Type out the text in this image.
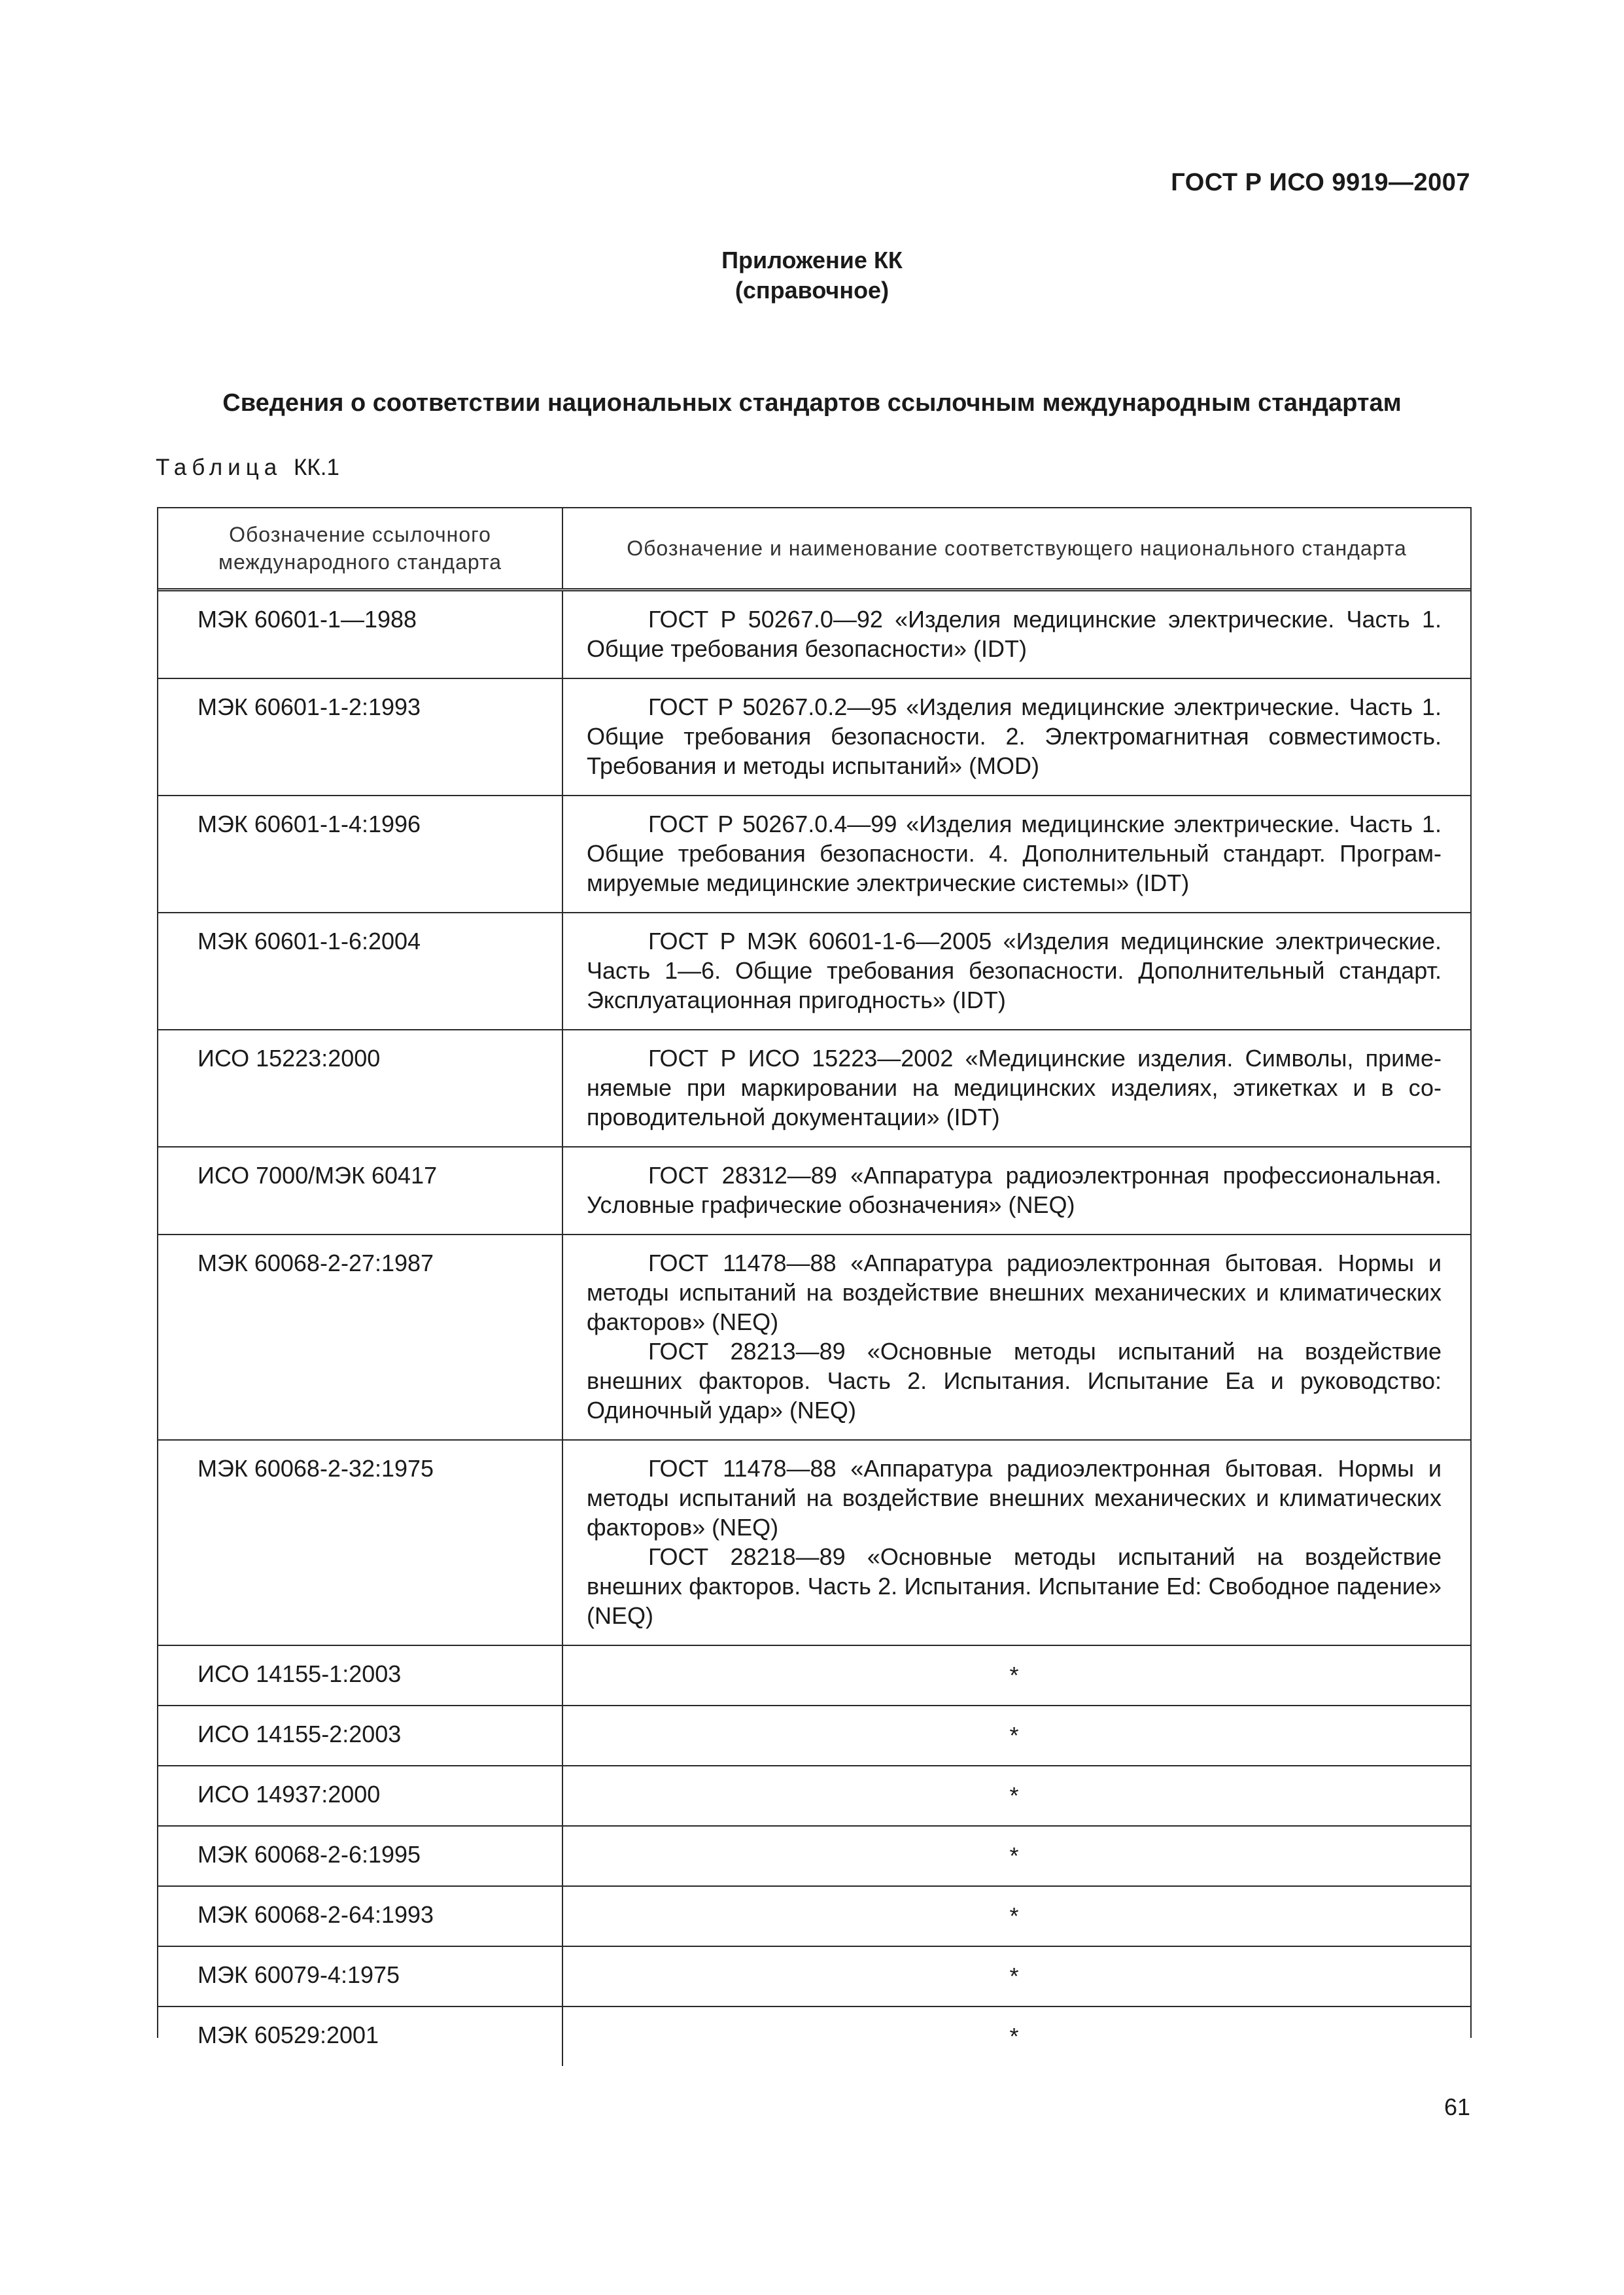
ГОСТ Р ИСО 9919—2007
Приложение КК
(справочное)
Сведения о соответствии национальных стандартов ссылочным международным стандартам
Таблица КК.1
Обозначение ссылочного международного стандарта	Обозначение и наименование соответствующего национального стандарта
МЭК 60601-1—1988	ГОСТ Р 50267.0—92 «Изделия медицинские электрические. Часть 1. Общие требования безопасности» (IDT)

МЭК 60601-1-2:1993	ГОСТ Р 50267.0.2—95 «Изделия медицинские электрические. Часть 1. Общие требования безопасности. 2. Электромагнитная совместимость. Требования и методы испытаний» (MOD)

МЭК 60601-1-4:1996	ГОСТ Р 50267.0.4—99 «Изделия медицинские электрические. Часть 1. Общие требования безопасности. 4. Дополнительный стандарт. Программируемые медицинские электрические системы» (IDT)

МЭК 60601-1-6:2004	ГОСТ Р МЭК 60601-1-6—2005 «Изделия медицинские электрические. Часть 1—6. Общие требования безопасности. Дополнительный стандарт. Эксплуатационная пригодность» (IDT)

ИСО 15223:2000	ГОСТ Р ИСО 15223—2002 «Медицинские изделия. Символы, применяемые при маркировании на медицинских изделиях, этикетках и в сопроводительной документации» (IDT)

ИСО 7000/МЭК 60417	ГОСТ 28312—89 «Аппаратура радиоэлектронная профессиональная. Условные графические обозначения» (NEQ)

МЭК 60068-2-27:1987	ГОСТ 11478—88 «Аппаратура радиоэлектронная бытовая. Нормы и методы испытаний на воздействие внешних механических и климатических факторов» (NEQ)

ГОСТ 28213—89 «Основные методы испытаний на воздействие внешних факторов. Часть 2. Испытания. Испытание Еа и руководство: Одиночный удар» (NEQ)

МЭК 60068-2-32:1975	ГОСТ 11478—88 «Аппаратура радиоэлектронная бытовая. Нормы и методы испытаний на воздействие внешних механических и климатических факторов» (NEQ)

ГОСТ 28218—89 «Основные методы испытаний на воздействие внешних факторов. Часть 2. Испытания. Испытание Ed: Свободное падение» (NEQ)

ИСО 14155-1:2003	*
ИСО 14155-2:2003	*
ИСО 14937:2000	*
МЭК 60068-2-6:1995	*
МЭК 60068-2-64:1993	*
МЭК 60079-4:1975	*
МЭК 60529:2001	*
61
